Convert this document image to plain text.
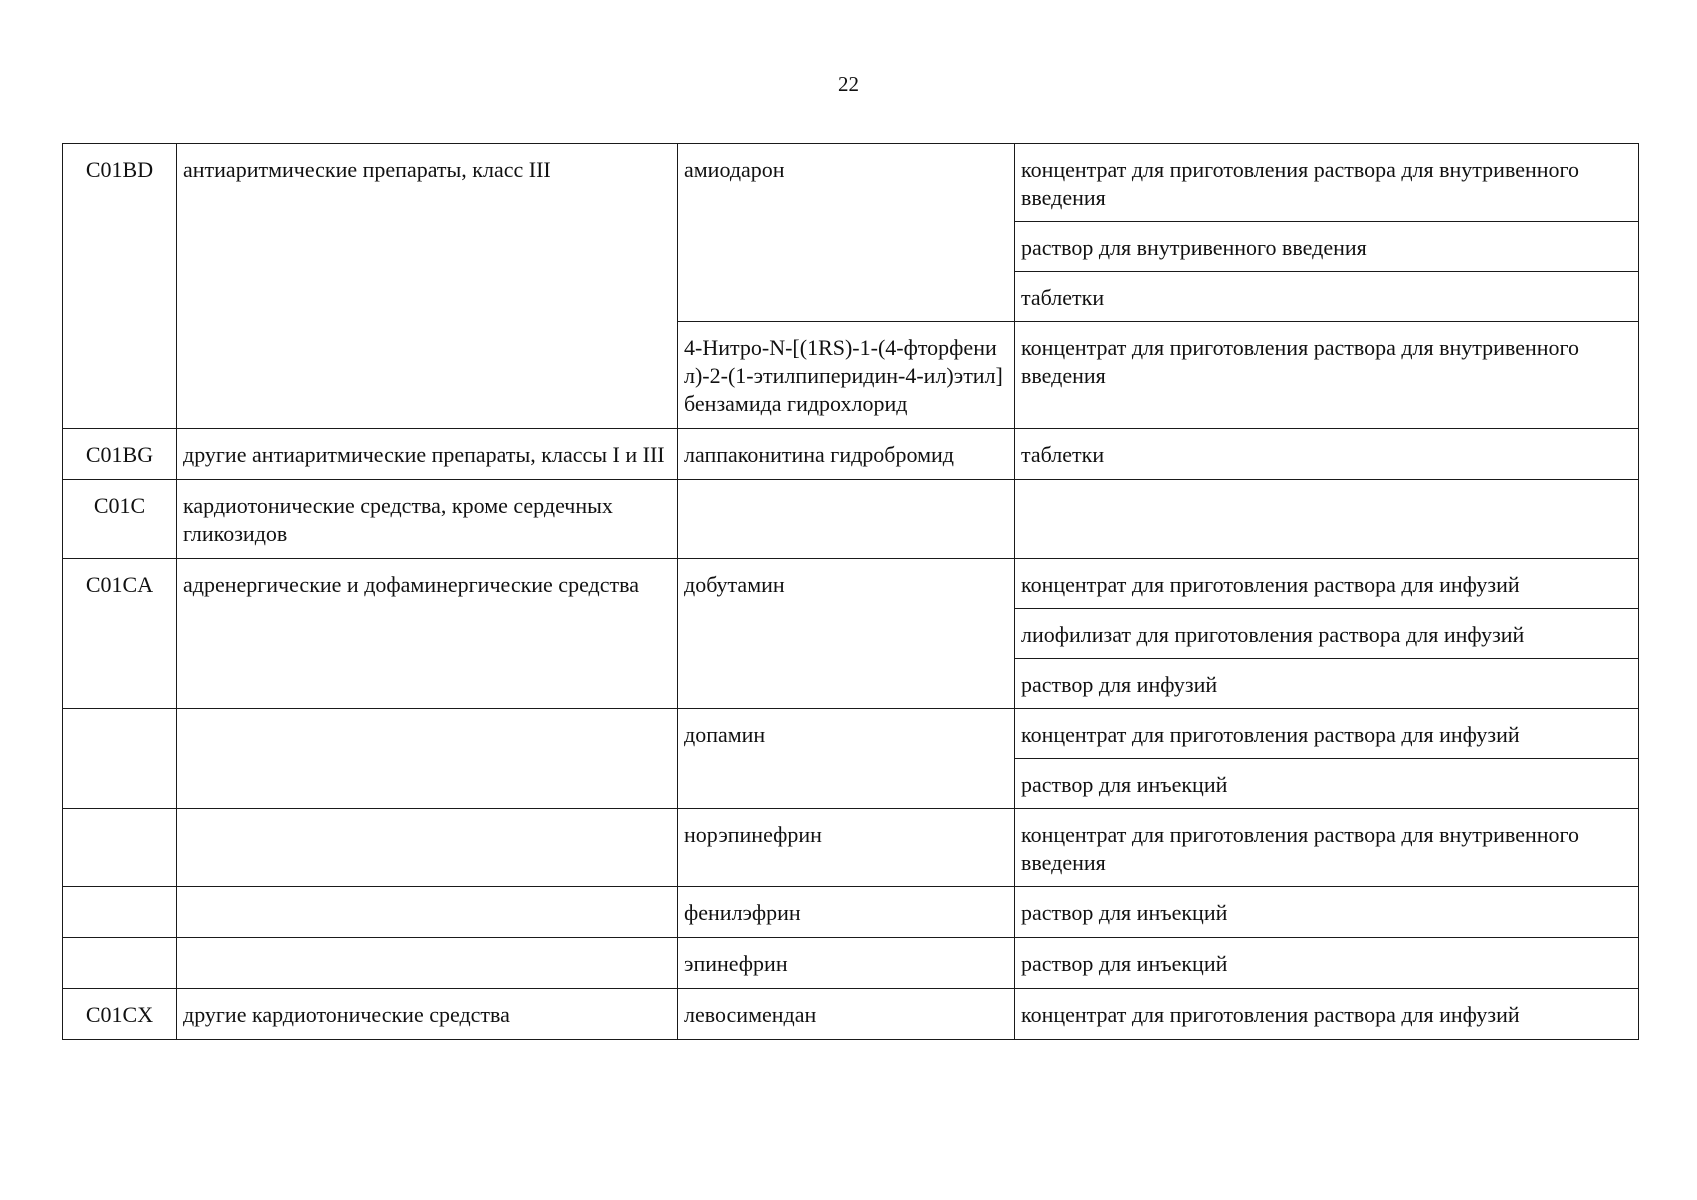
22
C01BD	антиаритмические препараты, класс III	амиодарон	концентрат для приготовления раствора для внутривенного введения
			раствор для внутривенного введения
			таблетки
		4-Нитро-N-[(1RS)-1-(4-фторфенил)-2-(1-этилпиперидин-4-ил)этил]бензамида гидрохлорид	концентрат для приготовления раствора для внутривенного введения
C01BG	другие антиаритмические препараты, классы I и III	лаппаконитина гидробромид	таблетки
C01C	кардиотонические средства, кроме сердечных гликозидов		
C01CA	адренергические и дофаминергические средства	добутамин	концентрат для приготовления раствора для инфузий
			лиофилизат для приготовления раствора для инфузий
			раствор для инфузий
		допамин	концентрат для приготовления раствора для инфузий
			раствор для инъекций
		норэпинефрин	концентрат для приготовления раствора для внутривенного введения
		фенилэфрин	раствор для инъекций
		эпинефрин	раствор для инъекций
C01CX	другие кардиотонические средства	левосимендан	концентрат для приготовления раствора для инфузий
